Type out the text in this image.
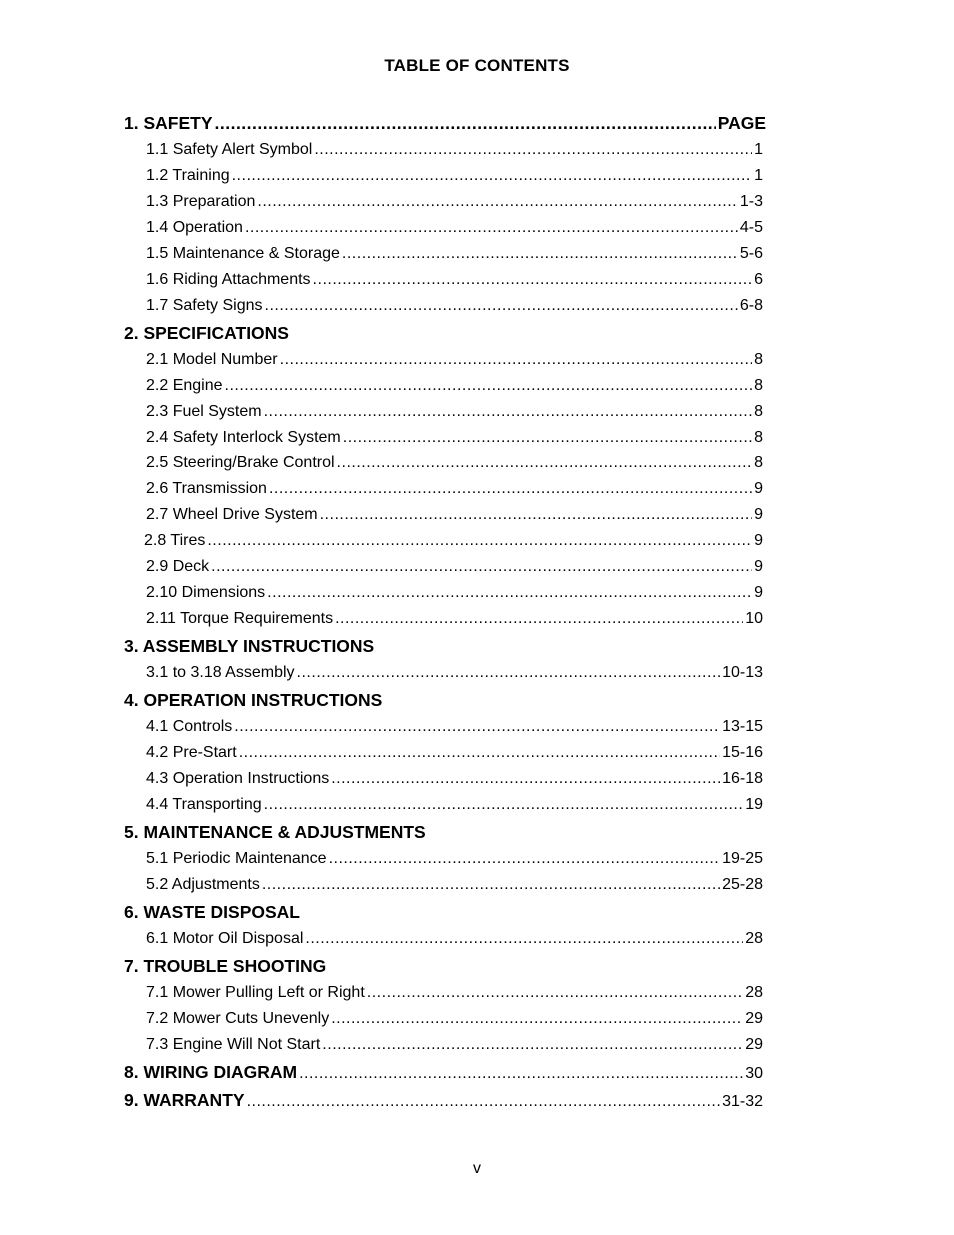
TABLE OF CONTENTS
1. SAFETY .....	PAGE
1.1 Safety Alert Symbol .....	1
1.2 Training .....	1
1.3 Preparation .....	1-3
1.4 Operation .....	4-5
1.5 Maintenance & Storage .....	5-6
1.6 Riding Attachments .....	6
1.7 Safety Signs .....	6-8
2. SPECIFICATIONS
2.1 Model Number .....	8
2.2 Engine .....	8
2.3 Fuel System .....	8
2.4 Safety Interlock System .....	8
2.5 Steering/Brake Control .....	8
2.6 Transmission .....	9
2.7 Wheel Drive System .....	9
2.8 Tires .....	9
2.9 Deck .....	9
2.10 Dimensions .....	9
2.11 Torque Requirements .....	10
3. ASSEMBLY INSTRUCTIONS
3.1 to 3.18 Assembly .....	10-13
4. OPERATION INSTRUCTIONS
4.1 Controls .....	13-15
4.2 Pre-Start .....	15-16
4.3 Operation Instructions .....	16-18
4.4 Transporting .....	19
5. MAINTENANCE & ADJUSTMENTS
5.1 Periodic Maintenance .....	19-25
5.2 Adjustments .....	25-28
6. WASTE DISPOSAL
6.1 Motor Oil Disposal .....	28
7. TROUBLE SHOOTING
7.1 Mower Pulling Left or Right .....	28
7.2 Mower Cuts Unevenly .....	29
7.3 Engine Will Not Start .....	29
8. WIRING DIAGRAM .....	30
9. WARRANTY .....	31-32
v
